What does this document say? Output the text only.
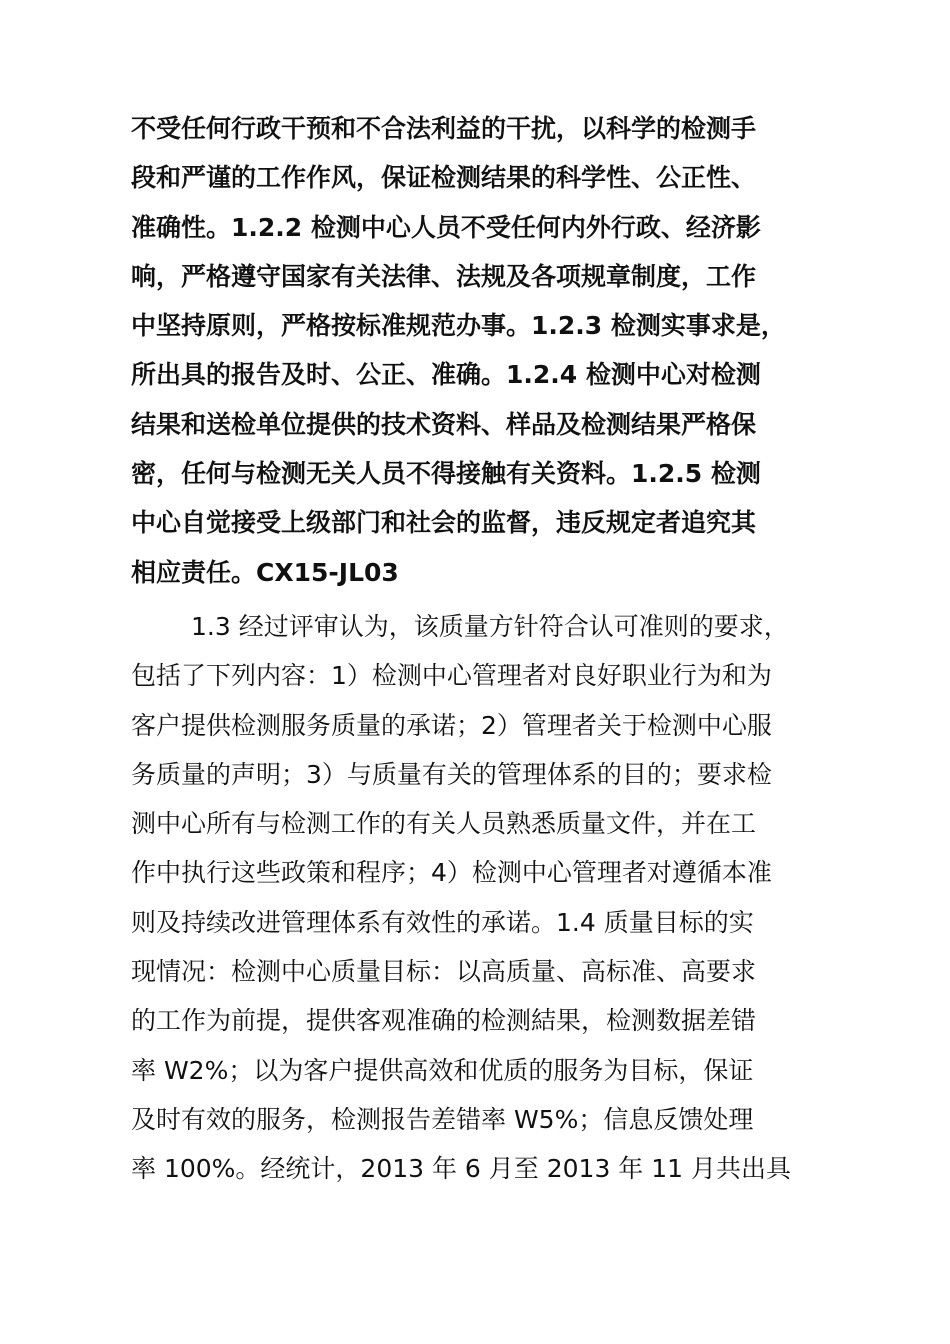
不受任何行政干预和不合法利益的干扰，以科学的检测手
段和严谨的工作作风，保证检测结果的科学性、公正性、
准确性。1.2.2 检测中心人员不受任何内外行政、经济影
响，严格遵守国家有关法律、法规及各项规章制度，工作
中坚持原则，严格按标准规范办事。1.2.3 检测实事求是，
所出具的报告及时、公正、准确。1.2.4 检测中心对检测
结果和送检单位提供的技术资料、样品及检测结果严格保
密，任何与检测无关人员不得接触有关资料。1.2.5 检测
中心自觉接受上级部门和社会的监督，违反规定者追究其
相应责任。CX15-JL03
1.3 经过评审认为，该质量方针符合认可准则的要求，
包括了下列内容：1）检测中心管理者对良好职业行为和为
客户提供检测服务质量的承诺；2）管理者关于检测中心服
务质量的声明；3）与质量有关的管理体系的目的；要求检
测中心所有与检测工作的有关人员熟悉质量文件，并在工
作中执行这些政策和程序；4）检测中心管理者对遵循本准
则及持续改进管理体系有效性的承诺。1.4 质量目标的实
现情况：检测中心质量目标：以高质量、高标准、高要求
的工作为前提，提供客观准确的检测結果，检测数据差错
率 W2%；以为客户提供高效和优质的服务为目标，保证
及时有效的服务，检测报告差错率 W5%；信息反馈处理
率 100%。经统计，2013 年 6 月至 2013 年 11 月共出具
